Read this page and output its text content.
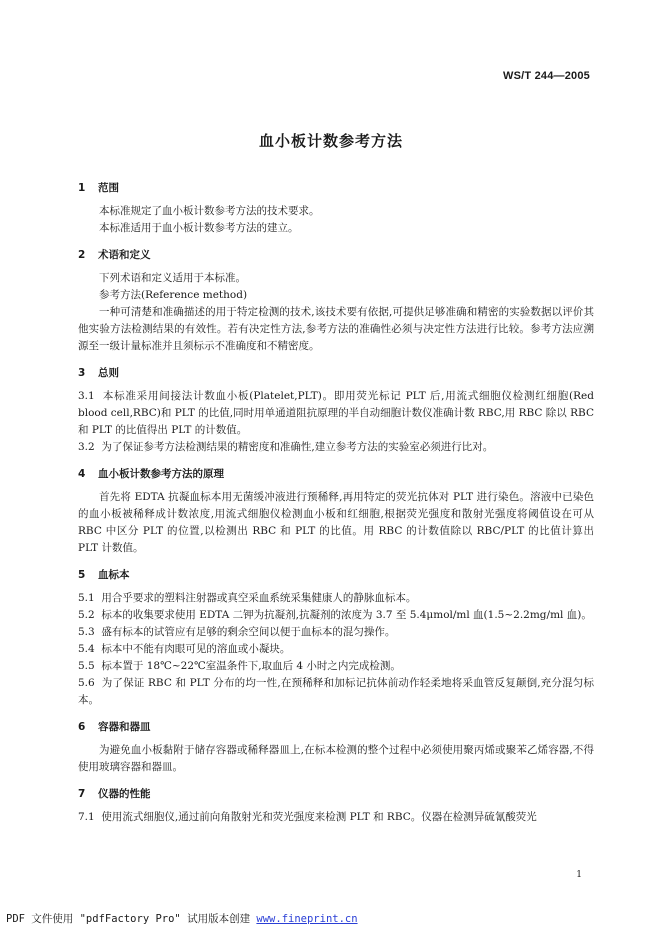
WS/T 244—2005
血小板计数参考方法
1 范围

本标准规定了血小板计数参考方法的技术要求。

本标准适用于血小板计数参考方法的建立。

2 术语和定义

下列术语和定义适用于本标准。

参考方法(Reference method)

一种可清楚和准确描述的用于特定检测的技术,该技术要有依据,可提供足够准确和精密的实验数据以评价其他实验方法检测结果的有效性。若有决定性方法,参考方法的准确性必须与决定性方法进行比较。参考方法应溯源至一级计量标准并且须标示不准确度和不精密度。

3 总则

3.1 本标准采用间接法计数血小板(Platelet,PLT)。即用荧光标记 PLT 后,用流式细胞仪检测红细胞(Red blood cell,RBC)和 PLT 的比值,同时用单通道阻抗原理的半自动细胞计数仪准确计数 RBC,用 RBC 除以 RBC 和 PLT 的比值得出 PLT 的计数值。

3.2 为了保证参考方法检测结果的精密度和准确性,建立参考方法的实验室必须进行比对。

4 血小板计数参考方法的原理

首先将 EDTA 抗凝血标本用无菌缓冲液进行预稀释,再用特定的荧光抗体对 PLT 进行染色。溶液中已染色的血小板被稀释成计数浓度,用流式细胞仪检测血小板和红细胞,根据荧光强度和散射光强度将阈值设在可从 RBC 中区分 PLT 的位置,以检测出 RBC 和 PLT 的比值。用 RBC 的计数值除以 RBC/PLT 的比值计算出 PLT 计数值。

5 血标本

5.1 用合乎要求的塑料注射器或真空采血系统采集健康人的静脉血标本。

5.2 标本的收集要求使用 EDTA 二钾为抗凝剂,抗凝剂的浓度为 3.7 至 5.4μmol/ml 血(1.5~2.2mg/ml 血)。

5.3 盛有标本的试管应有足够的剩余空间以便于血标本的混匀操作。

5.4 标本中不能有肉眼可见的溶血或小凝块。

5.5 标本置于 18℃~22℃室温条件下,取血后 4 小时之内完成检测。

5.6 为了保证 RBC 和 PLT 分布的均一性,在预稀释和加标记抗体前动作轻柔地将采血管反复颠倒,充分混匀标本。

6 容器和器皿

为避免血小板黏附于储存容器或稀释器皿上,在标本检测的整个过程中必须使用聚丙烯或聚苯乙烯容器,不得使用玻璃容器和器皿。

7 仪器的性能

7.1 使用流式细胞仪,通过前向角散射光和荧光强度来检测 PLT 和 RBC。仪器在检测异硫氰酸荧光

1
PDF 文件使用 "pdfFactory Pro" 试用版本创建 www.fineprint.cn
